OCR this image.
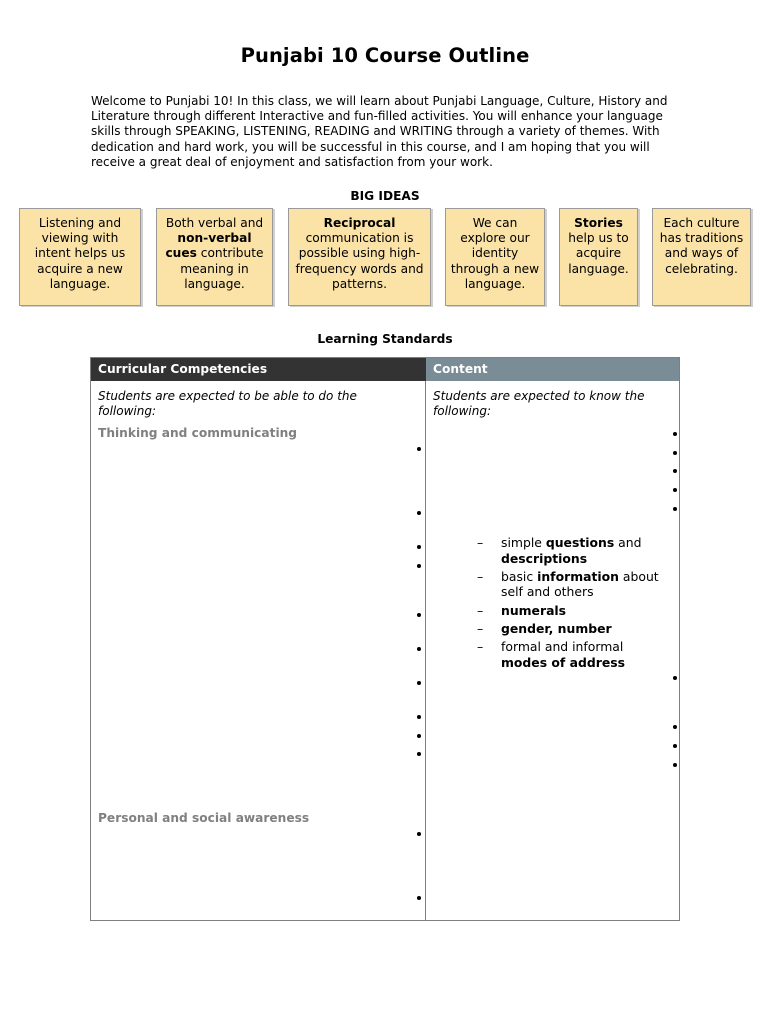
Punjabi 10 Course Outline

Welcome to Punjabi 10! In this class, we will learn about Punjabi Language, Culture, History and Literature through different Interactive and fun-filled activities. You will enhance your language skills through SPEAKING, LISTENING, READING and WRITING through a variety of themes. With dedication and hard work, you will be successful in this course, and I am hoping that you will receive a great deal of enjoyment and satisfaction from your work.

BIG IDEAS
Listening and viewing with intent helps us acquire a new language.
Both verbal and non-verbal cues contribute meaning in language.
Reciprocal communication is possible using high-frequency words and patterns.
We can explore our identity through a new language.
Stories help us to acquire language.
Each culture has traditions and ways of celebrating.
Learning Standards
Curricular Competencies	Content
Students are expected to be able to do the following:
Students are expected to know the following:
Thinking and communicating
Personal and social awareness
– simple questions and descriptions
– basic information about self and others
– numerals
– gender, number
– formal and informal modes of address
